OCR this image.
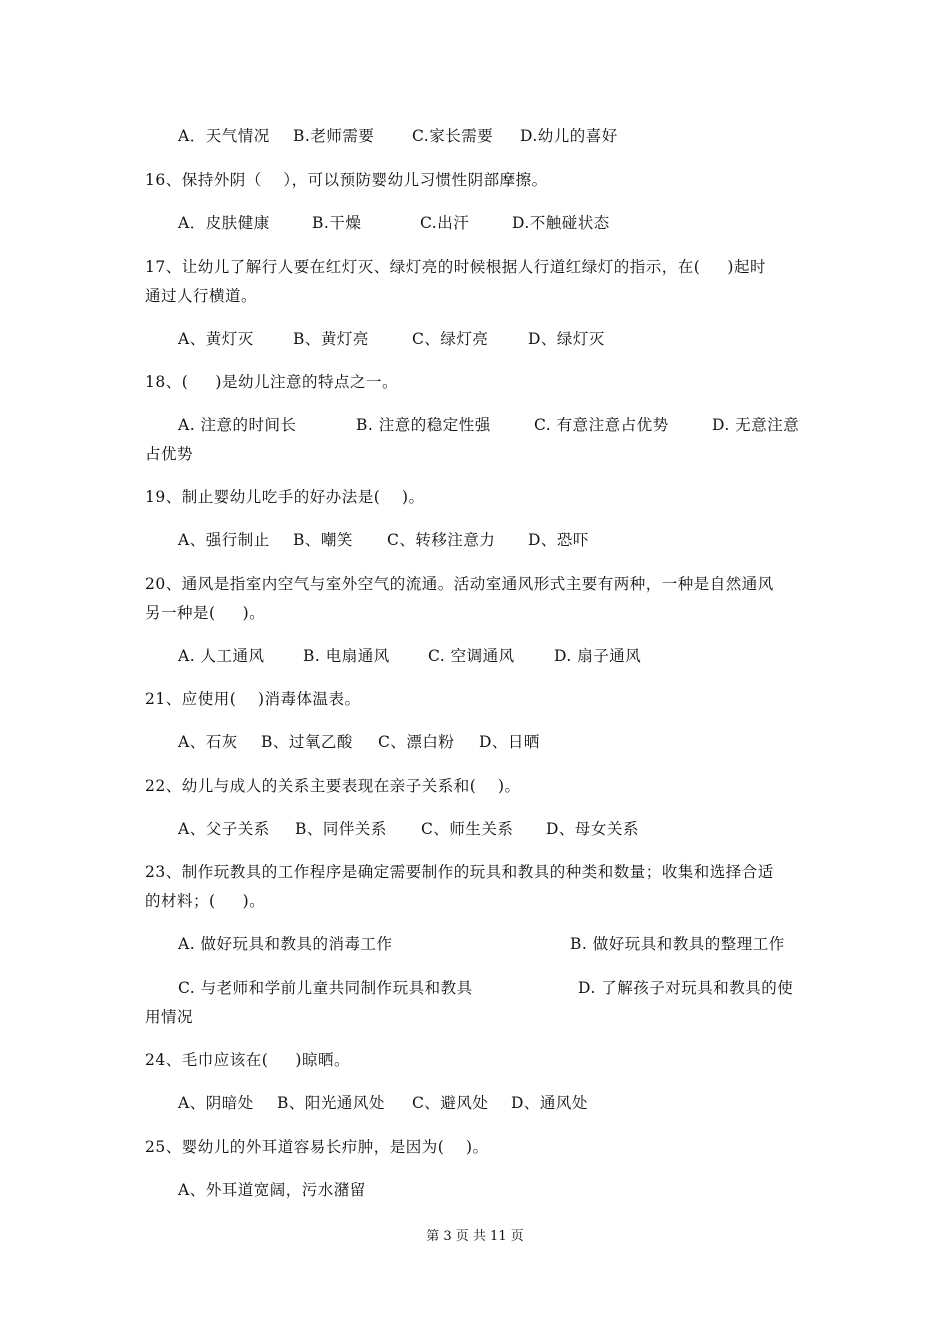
A．天气情况 B.老师需要 C.家长需要 D.幼儿的喜好
16、保持外阴（    ），可以预防婴幼儿习惯性阴部摩擦。
A．皮肤健康	B.干燥	C.出汗	D.不触碰状态
17、让幼儿了解行人要在红灯灭、绿灯亮的时候根据人行道红绿灯的指示，在(     )起时
通过人行横道。
A、黄灯灭	B、黄灯亮	C、绿灯亮	D、绿灯灭
18、(     )是幼儿注意的特点之一。
A. 注意的时间长	B. 注意的稳定性强	C. 有意注意占优势	D. 无意注意
占优势
19、制止婴幼儿吃手的好办法是(    )。
A、强行制止 B、嘲笑 C、转移注意力 D、恐吓
20、通风是指室内空气与室外空气的流通。活动室通风形式主要有两种，一种是自然通风
另一种是(     )。
A. 人工通风 B. 电扇通风 C. 空调通风	D. 扇子通风
21、应使用(    )消毒体温表。
A、石灰 B、过氧乙酸 C、漂白粉 D、日晒
22、幼儿与成人的关系主要表现在亲子关系和(    )。
A、父子关系 B、同伴关系 C、师生关系 D、母女关系
23、制作玩教具的工作程序是确定需要制作的玩具和教具的种类和数量；收集和选择合适
的材料；(     )。
A. 做好玩具和教具的消毒工作	B. 做好玩具和教具的整理工作
C. 与老师和学前儿童共同制作玩具和教具	D. 了解孩子对玩具和教具的使
用情况
24、毛巾应该在(     )晾晒。
A、阴暗处 B、阳光通风处 C、避风处 D、通风处
25、婴幼儿的外耳道容易长疖肿，是因为(    )。
A、外耳道宽阔，污水潴留
第 3 页 共 11 页
